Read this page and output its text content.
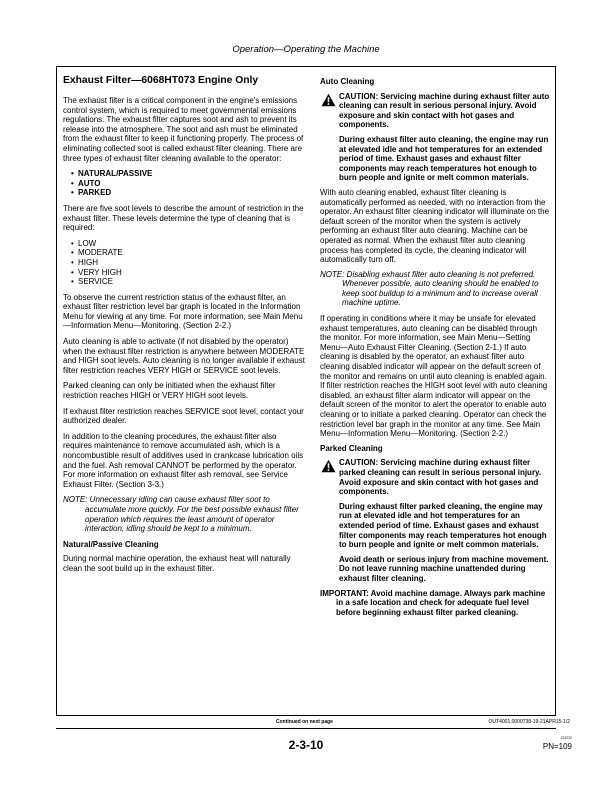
Operation—Operating the Machine
Exhaust Filter—6068HT073 Engine Only

The exhaust filter is a critical component in the engine's emissions control system, which is required to meet governmental emissions regulations. The exhaust filter captures soot and ash to prevent its release into the atmosphere. The soot and ash must be eliminated from the exhaust filter to keep it functioning properly. The process of eliminating collected soot is called exhaust filter cleaning. There are three types of exhaust filter cleaning available to the operator:

• NATURAL/PASSIVE
• AUTO
• PARKED

There are five soot levels to describe the amount of restriction in the exhaust filter. These levels determine the type of cleaning that is required:

• LOW
• MODERATE
• HIGH
• VERY HIGH
• SERVICE

To observe the current restriction status of the exhaust filter, an exhaust filter restriction level bar graph is located in the Information Menu for viewing at any time. For more information, see Main Menu—Information Menu—Monitoring. (Section 2-2.)

Auto cleaning is able to activate (if not disabled by the operator) when the exhaust filter restriction is anywhere between MODERATE and HIGH soot levels. Auto cleaning is no longer available if exhaust filter restriction reaches VERY HIGH or SERVICE soot levels.

Parked cleaning can only be initiated when the exhaust filter restriction reaches HIGH or VERY HIGH soot levels.

If exhaust filter restriction reaches SERVICE soot level, contact your authorized dealer.

In addition to the cleaning procedures, the exhaust filter also requires maintenance to remove accumulated ash, which is a noncombustible result of additives used in crankcase lubrication oils and the fuel. Ash removal CANNOT be performed by the operator. For more information on exhaust filter ash removal, see Service Exhaust Filter. (Section 3-3.)

NOTE: Unnecessary idling can cause exhaust filter soot to accumulate more quickly. For the best possible exhaust filter operation which requires the least amount of operator interaction, idling should be kept to a minimum.
Natural/Passive Cleaning

During normal machine operation, the exhaust heat will naturally clean the soot build up in the exhaust filter.

Auto Cleaning

CAUTION: Servicing machine during exhaust filter auto cleaning can result in serious personal injury. Avoid exposure and skin contact with hot gases and components.

During exhaust filter auto cleaning, the engine may run at elevated idle and hot temperatures for an extended period of time. Exhaust gases and exhaust filter components may reach temperatures hot enough to burn people and ignite or melt common materials.

With auto cleaning enabled, exhaust filter cleaning is automatically performed as needed, with no interaction from the operator. An exhaust filter cleaning indicator will illuminate on the default screen of the monitor when the system is actively performing an exhaust filter auto cleaning. Machine can be operated as normal. When the exhaust filter auto cleaning process has completed its cycle, the cleaning indicator will automatically turn off.

NOTE: Disabling exhaust filter auto cleaning is not preferred. Whenever possible, auto cleaning should be enabled to keep soot buildup to a minimum and to increase overall machine uptime.

If operating in conditions where it may be unsafe for elevated exhaust temperatures, auto cleaning can be disabled through the monitor. For more information, see Main Menu—Setting Menu—Auto Exhaust Filter Cleaning. (Section 2-1.) If auto cleaning is disabled by the operator, an exhaust filter auto cleaning disabled indicator will appear on the default screen of the monitor and remains on until auto cleaning is enabled again. If filter restriction reaches the HIGH soot level with auto cleaning disabled, an exhaust filter alarm indicator will appear on the default screen of the monitor to alert the operator to enable auto cleaning or to initiate a parked cleaning. Operator can check the restriction level bar graph in the monitor at any time. See Main Menu—Information Menu—Monitoring. (Section 2-2.)

Parked Cleaning

CAUTION: Servicing machine during exhaust filter parked cleaning can result in serious personal injury. Avoid exposure and skin contact with hot gases and components.

During exhaust filter parked cleaning, the engine may run at elevated idle and hot temperatures for an extended period of time. Exhaust gases and exhaust filter components may reach temperatures hot enough to burn people and ignite or melt common materials.

Avoid death or serious injury from machine movement. Do not leave running machine unattended during exhaust filter cleaning.

IMPORTANT: Avoid machine damage. Always park machine in a safe location and check for adequate fuel level before beginning exhaust filter parked cleaning.

Continued on next page	OUT4001,0000738-19-21APR15-1/2
2-3-10	122222
PN=109
